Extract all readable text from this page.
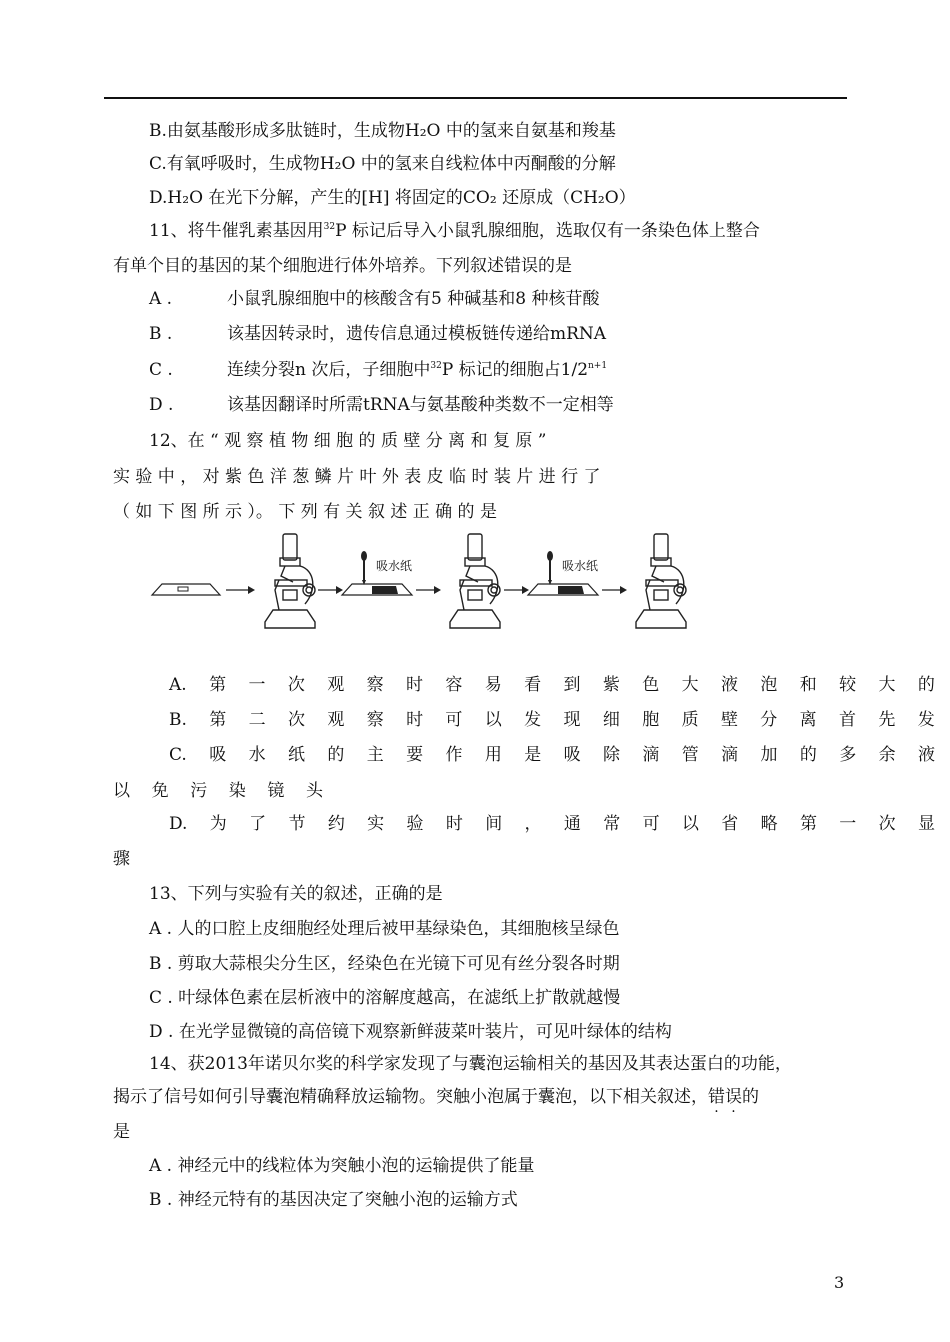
B.由氨基酸形成多肽链时，生成物H₂O 中的氢来自氨基和羧基
C.有氧呼吸时，生成物H₂O 中的氢来自线粒体中丙酮酸的分解
D.H₂O 在光下分解，产生的[H] 将固定的CO₂ 还原成（CH₂O）
11、将牛催乳素基因用$^{32}$P 标记后导入小鼠乳腺细胞，选取仅有一条染色体上整合
有单个目的基因的某个细胞进行体外培养。下列叙述错误的是
A .	小鼠乳腺细胞中的核酸含有5 种碱基和8 种核苷酸
B .	该基因转录时，遗传信息通过模板链传递给mRNA
C .	连续分裂n 次后，子细胞中$^{32}$P 标记的细胞占$1/2^{n+1}$
D .	该基因翻译时所需tRNA与氨基酸种类数不一定相等
12、在 “ 观 察 植 物 细 胞 的 质 壁 分 离 和 复 原 ”
实 验 中 ， 对 紫 色 洋 葱 鳞 片 叶 外 表 皮 临 时 装 片 进 行 了
（ 如 下 图 所 示 ）。 下 列 有 关 叙 述 正 确 的 是
吸水纸	吸水纸
A. 第 一 次 观 察 时 容 易 看 到 紫 色 大 液 泡 和 较 大 的
B. 第 二 次 观 察 时 可 以 发 现 细 胞 质 壁 分 离 首 先 发
C. 吸 水 纸 的 主 要 作 用 是 吸 除 滴 管 滴 加 的 多 余 液
以 免 污 染 镜 头
D. 为 了 节 约 实 验 时 间 ， 通 常 可 以 省 略 第 一 次 显
骤
13、下列与实验有关的叙述，正确的是
A . 人的口腔上皮细胞经处理后被甲基绿染色，其细胞核呈绿色
B . 剪取大蒜根尖分生区，经染色在光镜下可见有丝分裂各时期
C . 叶绿体色素在层析液中的溶解度越高，在滤纸上扩散就越慢
D . 在光学显微镜的高倍镜下观察新鲜菠菜叶装片，可见叶绿体的结构
14、获2013年诺贝尔奖的科学家发现了与囊泡运输相关的基因及其表达蛋白的功能，
揭示了信号如何引导囊泡精确释放运输物。突触小泡属于囊泡，以下相关叙述，错误的
是
A . 神经元中的线粒体为突触小泡的运输提供了能量
B . 神经元特有的基因决定了突触小泡的运输方式
3
